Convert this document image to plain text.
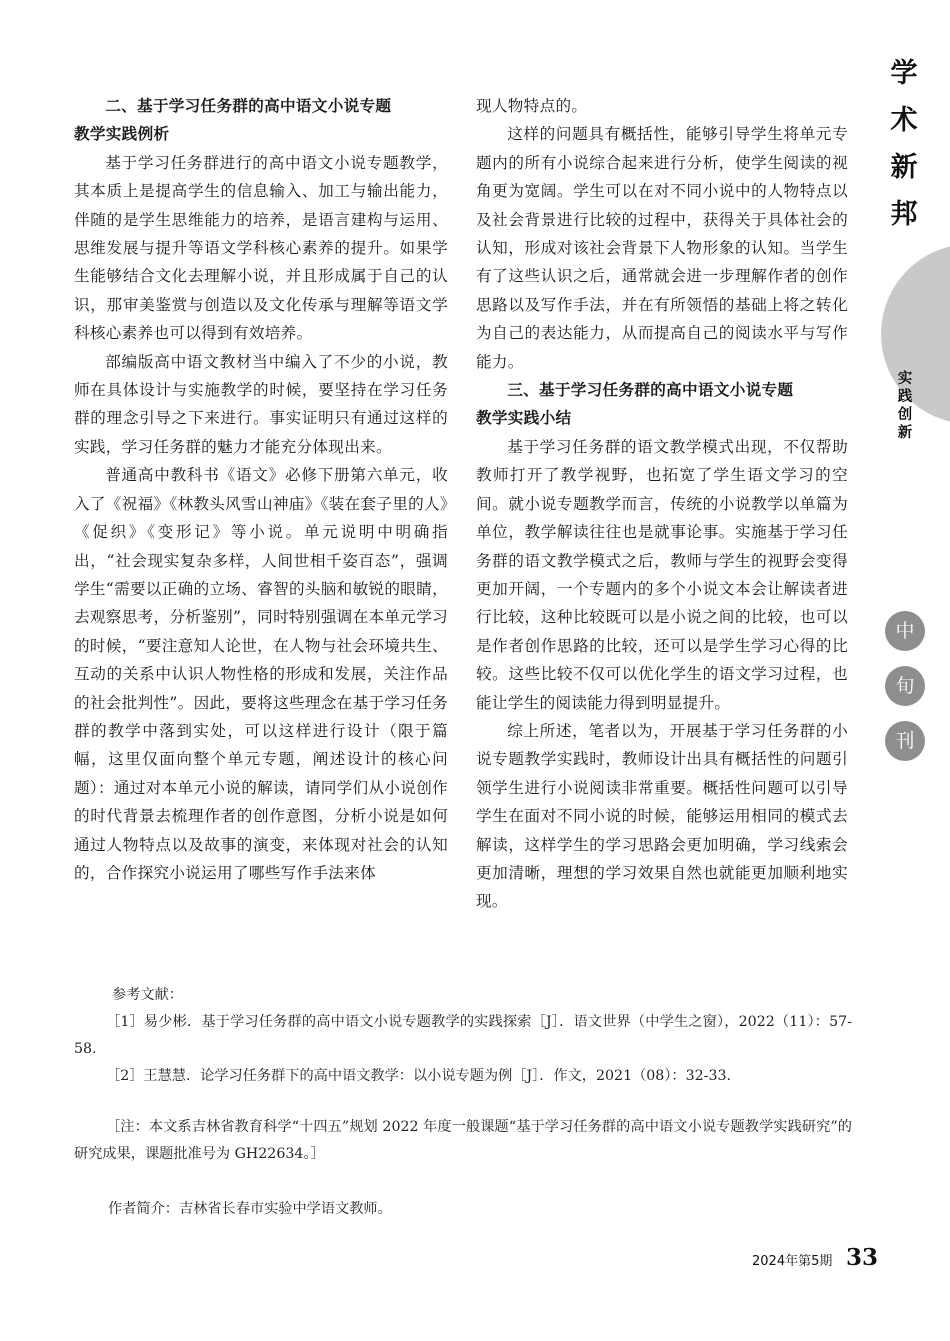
二、基于学习任务群的高中语文小说专题
教学实践例析

基于学习任务群进行的高中语文小说专题教学，其本质上是提高学生的信息输入、加工与输出能力，伴随的是学生思维能力的培养，是语言建构与运用、思维发展与提升等语文学科核心素养的提升。如果学生能够结合文化去理解小说，并且形成属于自己的认识，那审美鉴赏与创造以及文化传承与理解等语文学科核心素养也可以得到有效培养。

部编版高中语文教材当中编入了不少的小说，教师在具体设计与实施教学的时候，要坚持在学习任务群的理念引导之下来进行。事实证明只有通过这样的实践，学习任务群的魅力才能充分体现出来。

普通高中教科书《语文》必修下册第六单元，收入了《祝福》《林教头风雪山神庙》《装在套子里的人》《促织》《变形记》等小说。单元说明中明确指出，“社会现实复杂多样，人间世相千姿百态”，强调学生“需要以正确的立场、睿智的头脑和敏锐的眼睛，去观察思考，分析鉴别”，同时特别强调在本单元学习的时候，“要注意知人论世，在人物与社会环境共生、互动的关系中认识人物性格的形成和发展，关注作品的社会批判性”。因此，要将这些理念在基于学习任务群的教学中落到实处，可以这样进行设计（限于篇幅，这里仅面向整个单元专题，阐述设计的核心问题）：通过对本单元小说的解读，请同学们从小说创作的时代背景去梳理作者的创作意图，分析小说是如何通过人物特点以及故事的演变，来体现对社会的认知的，合作探究小说运用了哪些写作手法来体

现人物特点的。

这样的问题具有概括性，能够引导学生将单元专题内的所有小说综合起来进行分析，使学生阅读的视角更为宽阔。学生可以在对不同小说中的人物特点以及社会背景进行比较的过程中，获得关于具体社会的认知，形成对该社会背景下人物形象的认知。当学生有了这些认识之后，通常就会进一步理解作者的创作思路以及写作手法，并在有所领悟的基础上将之转化为自己的表达能力，从而提高自己的阅读水平与写作能力。

三、基于学习任务群的高中语文小说专题
教学实践小结

基于学习任务群的语文教学模式出现，不仅帮助教师打开了教学视野，也拓宽了学生语文学习的空间。就小说专题教学而言，传统的小说教学以单篇为单位，教学解读往往也是就事论事。实施基于学习任务群的语文教学模式之后，教师与学生的视野会变得更加开阔，一个专题内的多个小说文本会让解读者进行比较，这种比较既可以是小说之间的比较，也可以是作者创作思路的比较，还可以是学生学习心得的比较。这些比较不仅可以优化学生的语文学习过程，也能让学生的阅读能力得到明显提升。

综上所述，笔者以为，开展基于学习任务群的小说专题教学实践时，教师设计出具有概括性的问题引领学生进行小说阅读非常重要。概括性问题可以引导学生在面对不同小说的时候，能够运用相同的模式去解读，这样学生的学习思路会更加明确，学习线索会更加清晰，理想的学习效果自然也就能更加顺利地实现。

参考文献：

［1］易少彬．基于学习任务群的高中语文小说专题教学的实践探索［J］．语文世界（中学生之窗），2022（11）：57-58.

［2］王慧慧．论学习任务群下的高中语文教学：以小说专题为例［J］．作文，2021（08）：32-33.

［注：本文系吉林省教育科学“十四五”规划 2022 年度一般课题“基于学习任务群的高中语文小说专题教学实践研究”的研究成果，课题批准号为 GH22634。］
作者简介：吉林省长春市实验中学语文教师。
学术新邦
实践创新
中
旬
刊
2024年第5期 33
